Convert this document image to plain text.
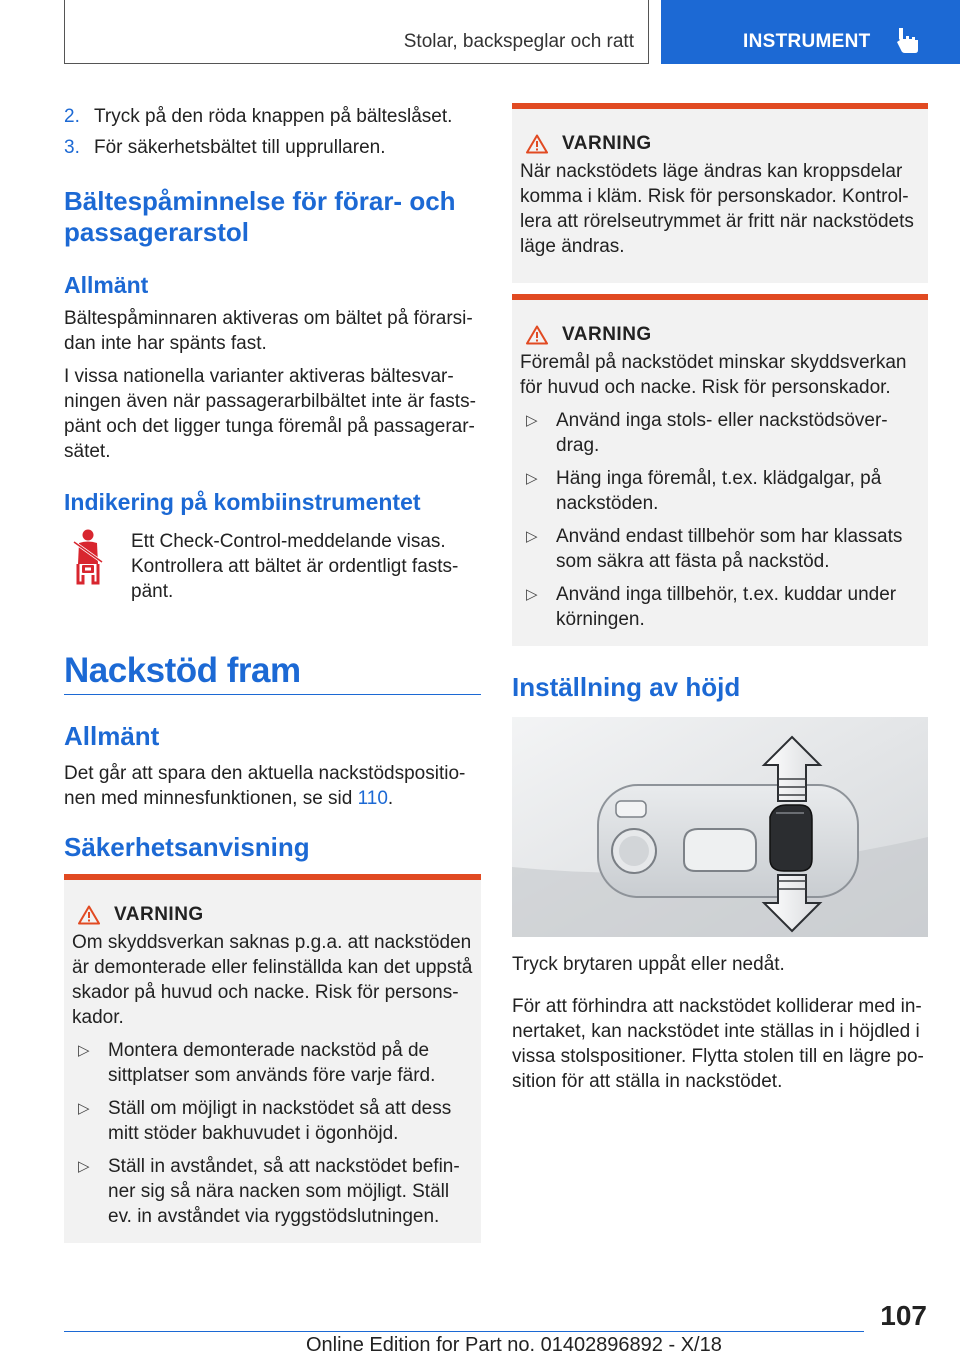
Stolar, backspeglar och ratt	INSTRUMENT
2. Tryck på den röda knappen på bälteslåset.
3. För säkerhetsbältet till upprullaren.
Bältespåminnelse för förar- och
passagerarstol
Allmänt
Bältespåminnaren aktiveras om bältet på förarsi-
dan inte har spänts fast.
I vissa nationella varianter aktiveras bältesvar-
ningen även när passagerarbilbältet inte är fasts-
pänt och det ligger tunga föremål på passagerar-
sätet.
Indikering på kombiinstrumentet
Ett Check-Control-meddelande visas.
Kontrollera att bältet är ordentligt fasts-
pänt.
Nackstöd fram
Allmänt
Det går att spara den aktuella nackstödspositio-
nen med minnesfunktionen, se sid 110.
Säkerhetsanvisning
VARNING
Om skyddsverkan saknas p.g.a. att nackstöden
är demonterade eller felinställda kan det uppstå
skador på huvud och nacke. Risk för persons-
kador.
▷ Montera demonterade nackstöd på de
sittplatser som används före varje färd.
▷ Ställ om möjligt in nackstödet så att dess
mitt stöder bakhuvudet i ögonhöjd.
▷ Ställ in avståndet, så att nackstödet befin-
ner sig så nära nacken som möjligt. Ställ
ev. in avståndet via ryggstödslutningen.
VARNING
När nackstödets läge ändras kan kroppsdelar
komma i kläm. Risk för personskador. Kontrol-
lera att rörelseutrymmet är fritt när nackstödets
läge ändras.
VARNING
Föremål på nackstödet minskar skyddsverkan
för huvud och nacke. Risk för personskador.
▷ Använd inga stols- eller nackstödsöver-
drag.
▷ Häng inga föremål, t.ex. klädgalgar, på
nackstöden.
▷ Använd endast tillbehör som har klassats
som säkra att fästa på nackstöd.
▷ Använd inga tillbehör, t.ex. kuddar under
körningen.
Inställning av höjd
Tryck brytaren uppåt eller nedåt.
För att förhindra att nackstödet kolliderar med in-
nertaket, kan nackstödet inte ställas in i höjdled i
vissa stolspositioner. Flytta stolen till en lägre po-
sition för att ställa in nackstödet.
107
Online Edition for Part no. 01402896892 - X/18
